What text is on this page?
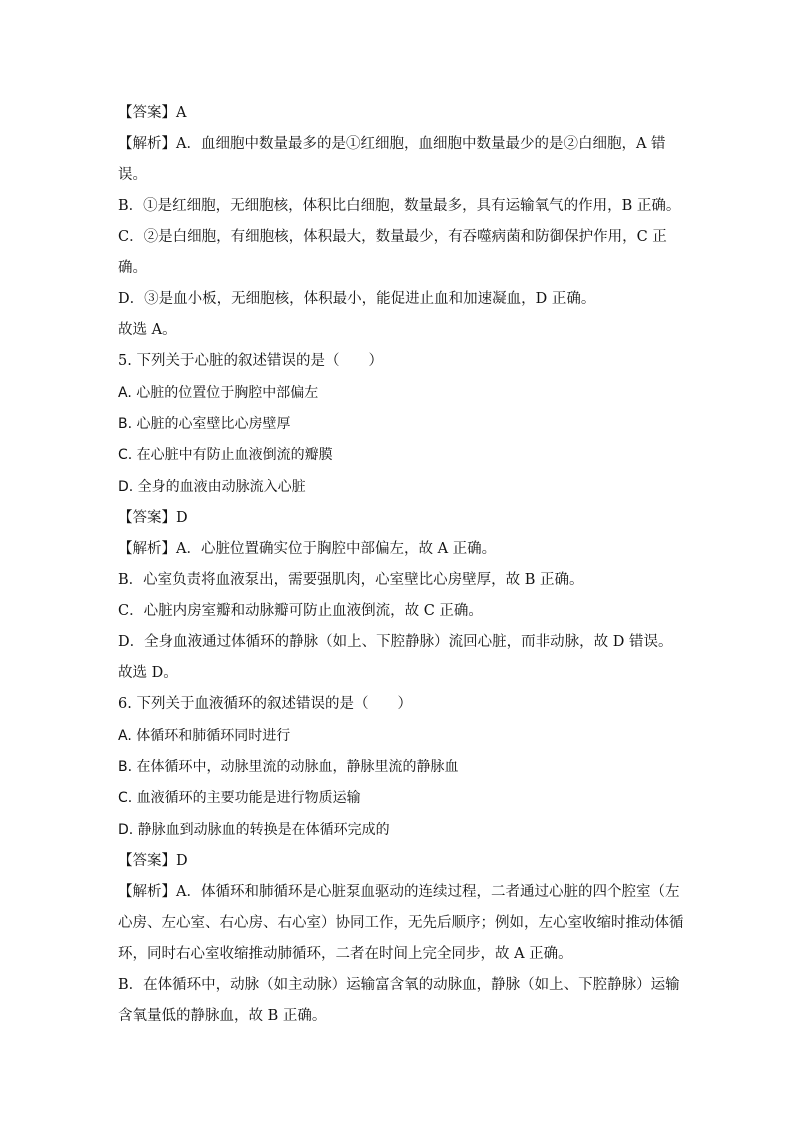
【答案】A
【解析】A．血细胞中数量最多的是①红细胞，血细胞中数量最少的是②白细胞，A 错
误。
B．①是红细胞，无细胞核，体积比白细胞，数量最多，具有运输氧气的作用，B 正确。
C．②是白细胞，有细胞核，体积最大，数量最少，有吞噬病菌和防御保护作用，C 正
确。
D．③是血小板，无细胞核，体积最小，能促进止血和加速凝血，D 正确。
故选 A。
5. 下列关于心脏的叙述错误的是（　　）
A. 心脏的位置位于胸腔中部偏左
B. 心脏的心室壁比心房壁厚
C. 在心脏中有防止血液倒流的瓣膜
D. 全身的血液由动脉流入心脏
【答案】D
【解析】A．心脏位置确实位于胸腔中部偏左，故 A 正确。
B．心室负责将血液泵出，需要强肌肉，心室壁比心房壁厚，故 B 正确。
C．心脏内房室瓣和动脉瓣可防止血液倒流，故 C 正确。
D．全身血液通过体循环的静脉（如上、下腔静脉）流回心脏，而非动脉，故 D 错误。
故选 D。
6. 下列关于血液循环的叙述错误的是（　　）
A. 体循环和肺循环同时进行
B. 在体循环中，动脉里流的动脉血，静脉里流的静脉血
C. 血液循环的主要功能是进行物质运输
D. 静脉血到动脉血的转换是在体循环完成的
【答案】D
【解析】A．体循环和肺循环是心脏泵血驱动的连续过程，二者通过心脏的四个腔室（左
心房、左心室、右心房、右心室）协同工作，无先后顺序；例如，左心室收缩时推动体循
环，同时右心室收缩推动肺循环，二者在时间上完全同步，故 A 正确。
B．在体循环中，动脉（如主动脉）运输富含氧的动脉血，静脉（如上、下腔静脉）运输
含氧量低的静脉血，故 B 正确。
